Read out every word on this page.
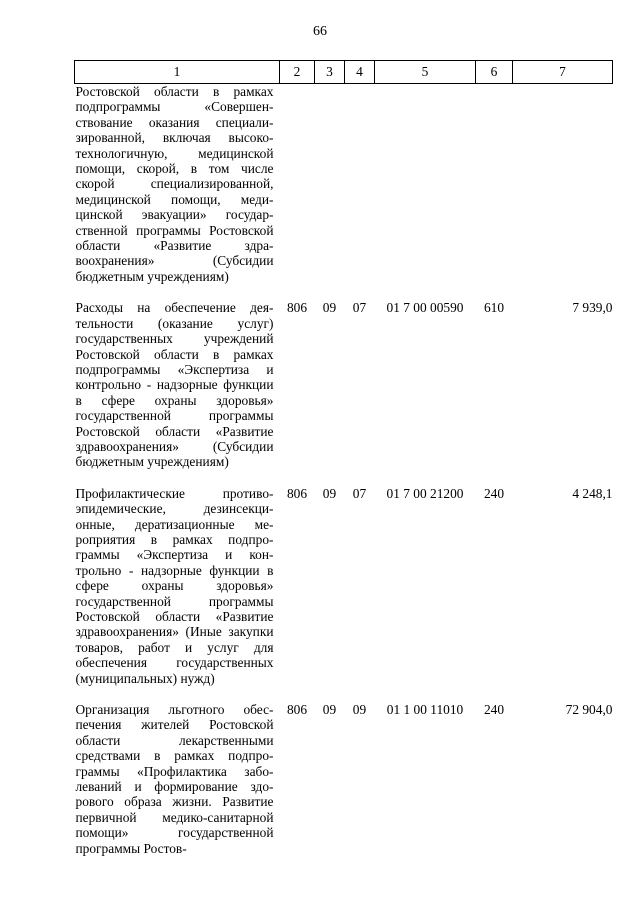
66
1	2	3	4	5	6	7
Ростовской области в рамках подпрограммы «Совершенствование оказания специализированной, включая высокотехнологичную, медицинской помощи, скорой, в том числе скорой специализированной, медицинской помощи, медицинской эвакуации» государственной программы Ростовской области «Развитие здравоохранения» (Субсидии бюджетным учреждениям)						

Расходы на обеспечение деятельности (оказание услуг) государственных учреждений Ростовской области в рамках подпрограммы «Экспертиза и контрольно - надзорные функции в сфере охраны здоровья» государственной программы Ростовской области «Развитие здравоохранения» (Субсидии бюджетным учреждениям)	806	09	07	01 7 00 00590	610	7 939,0

Профилактические противоэпидемические, дезинсекционные, дератизационные мероприятия в рамках подпрограммы «Экспертиза и контрольно - надзорные функции в сфере охраны здоровья» государственной программы Ростовской области «Развитие здравоохранения» (Иные закупки товаров, работ и услуг для обеспечения государственных (муниципальных) нужд)	806	09	07	01 7 00 21200	240	4 248,1

Организация льготного обеспечения жителей Ростовской области лекарственными средствами в рамках подпрограммы «Профилактика заболеваний и формирование здорового образа жизни. Развитие первичной медико-санитарной помощи» государственной программы Ростов-	806	09	09	01 1 00 11010	240	72 904,0
